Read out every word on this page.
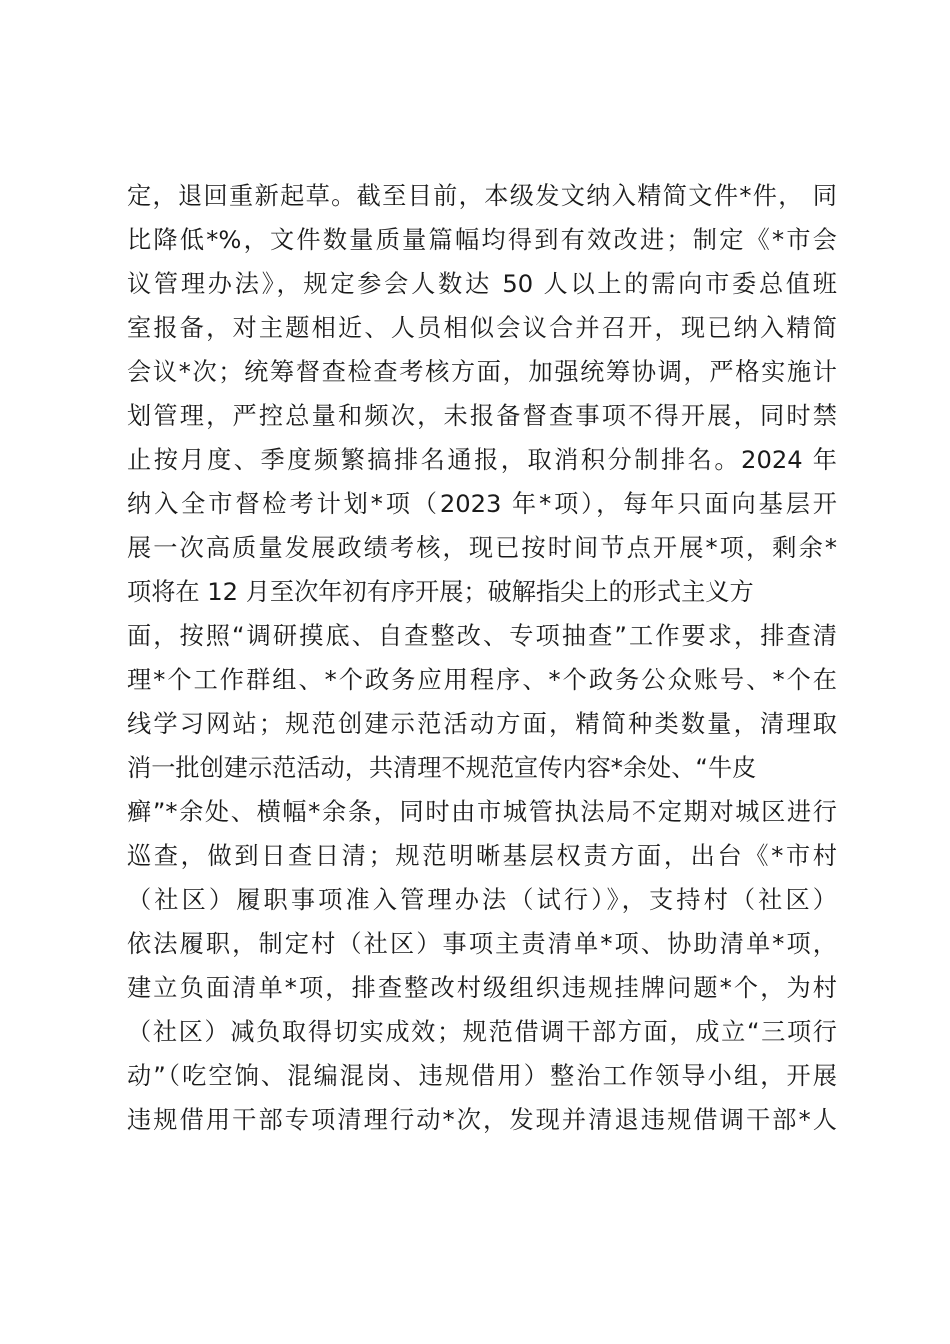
定，退回重新起草。截至目前，本级发文纳入精简文件*件， 同
比降低*%，文件数量质量篇幅均得到有效改进；制定《*市会
议管理办法》，规定参会人数达 50 人以上的需向市委总值班
室报备，对主题相近、人员相似会议合并召开，现已纳入精简
会议*次；统筹督查检查考核方面，加强统筹协调，严格实施计
划管理，严控总量和频次，未报备督查事项不得开展，同时禁
止按月度、季度频繁搞排名通报，取消积分制排名。2024 年
纳入全市督检考计划*项（2023 年*项），每年只面向基层开
展一次高质量发展政绩考核，现已按时间节点开展*项，剩余*
项将在 12 月至次年初有序开展；破解指尖上的形式主义方
面，按照“调研摸底、自查整改、专项抽查”工作要求，排查清
理*个工作群组、*个政务应用程序、*个政务公众账号、*个在
线学习网站；规范创建示范活动方面，精简种类数量，清理取
消一批创建示范活动，共清理不规范宣传内容*余处、“牛皮
癣”*余处、横幅*余条，同时由市城管执法局不定期对城区进行
巡查，做到日查日清；规范明晰基层权责方面，出台《*市村
（社区）履职事项准入管理办法（试行）》，支持村（社区）
依法履职，制定村（社区）事项主责清单*项、协助清单*项，
建立负面清单*项，排查整改村级组织违规挂牌问题*个，为村
（社区）减负取得切实成效；规范借调干部方面，成立“三项行
动”（吃空饷、混编混岗、违规借用）整治工作领导小组，开展
违规借用干部专项清理行动*次，发现并清退违规借调干部*人
